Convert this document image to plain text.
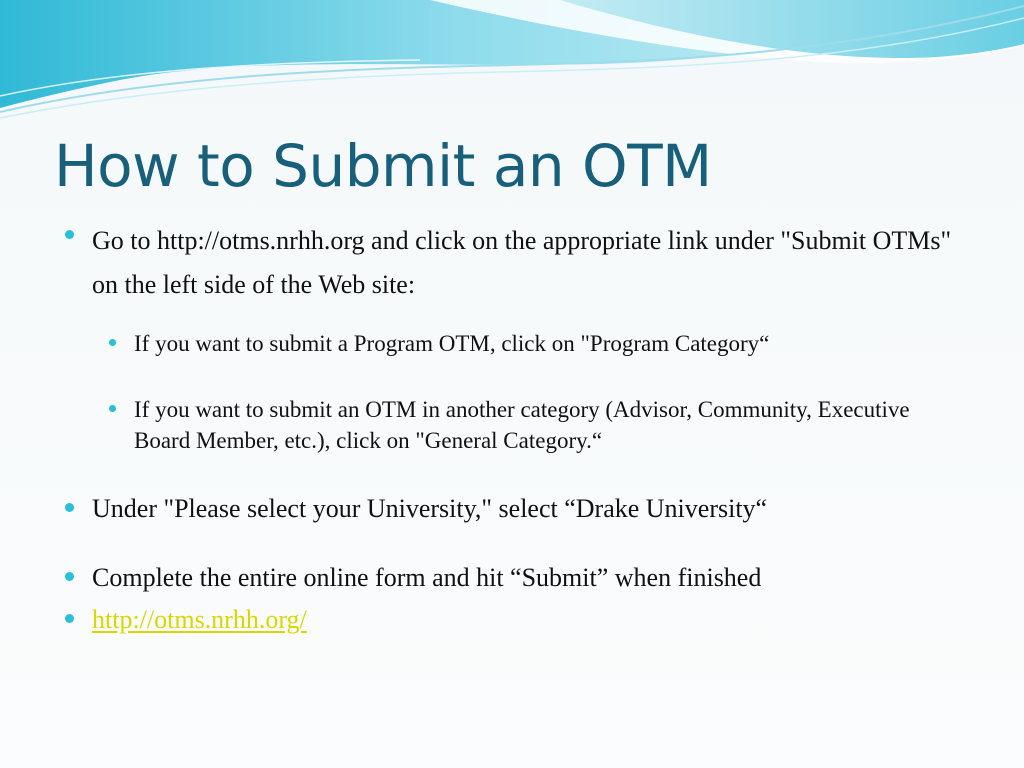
How to Submit an OTM

Go to http://otms.nrhh.org and click on the appropriate link under "Submit OTMs" on the left side of the Web site:

If you want to submit a Program OTM, click on "Program Category“

If you want to submit an OTM in another category (Advisor, Community, Executive Board Member, etc.), click on "General Category.“

Under "Please select your University," select “Drake University“

Complete the entire online form and hit “Submit” when finished

http://otms.nrhh.org/
